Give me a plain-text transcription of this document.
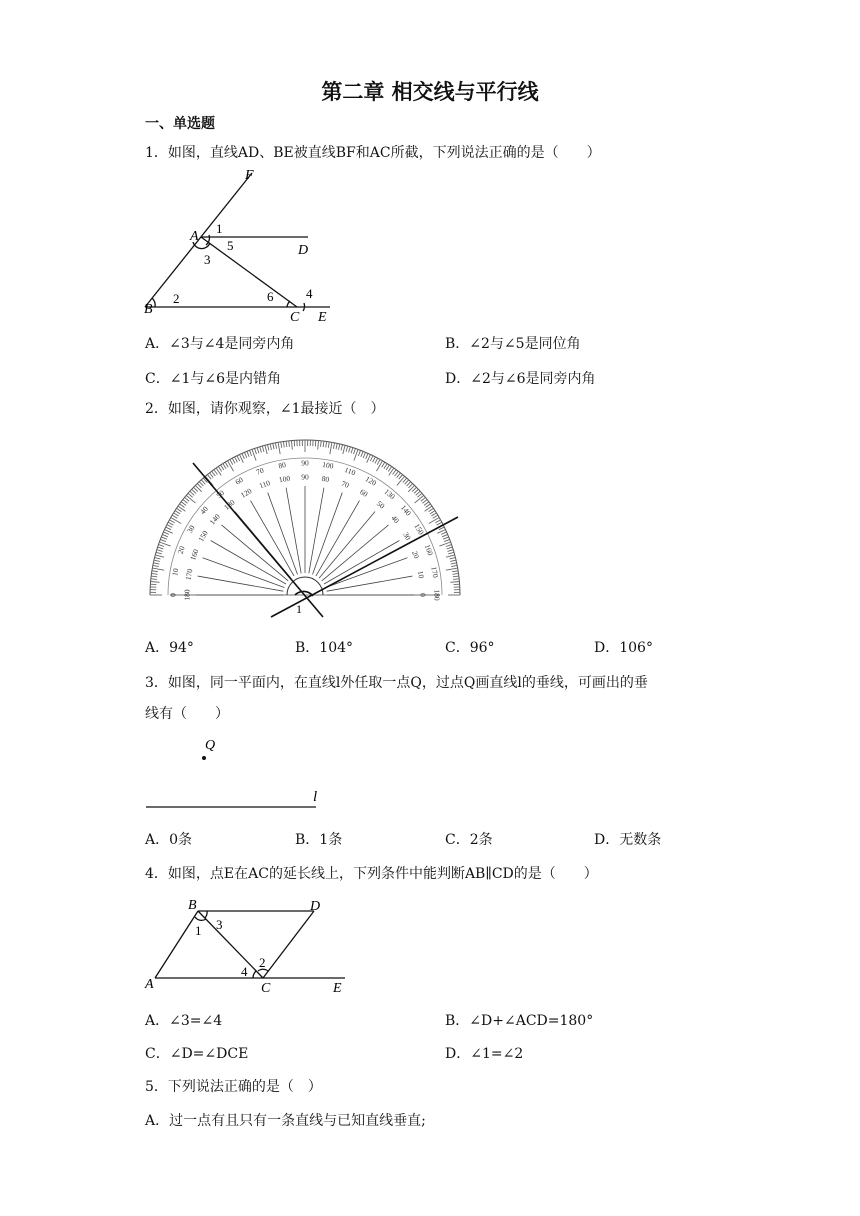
第二章 相交线与平行线
一、单选题
1．如图，直线AD、BE被直线BF和AC所截，下列说法正确的是（　　）
F
A
D
B
C E
1
5
3
2	6	4
A．∠3与∠4是同旁内角	B．∠2与∠5是同位角
C．∠1与∠6是内错角	D．∠2与∠6是同旁内角
2．如图，请你观察，∠1最接近（　）
180
0
170
10
160
20
150
30
140
40
130
50
120
60
110
70
100
80
90
90
80
100
70
110
60
120
50
130
40
140
30 150
20 160
10 170
0 180
1
A．94°	B．104°	C．96°	D．106°
3．如图，同一平面内，在直线l外任取一点Q，过点Q画直线l的垂线，可画出的垂
线有（　　）
Q
l
A．0条	B．1条	C．2条	D．无数条
4．如图，点E在AC的延长线上，下列条件中能判断AB∥CD的是（　　）
B	D
A	C	E
1 3
2
4
A．∠3=∠4	B．∠D+∠ACD=180°
C．∠D=∠DCE	D．∠1=∠2
5．下列说法正确的是（　）
A．过一点有且只有一条直线与已知直线垂直;
